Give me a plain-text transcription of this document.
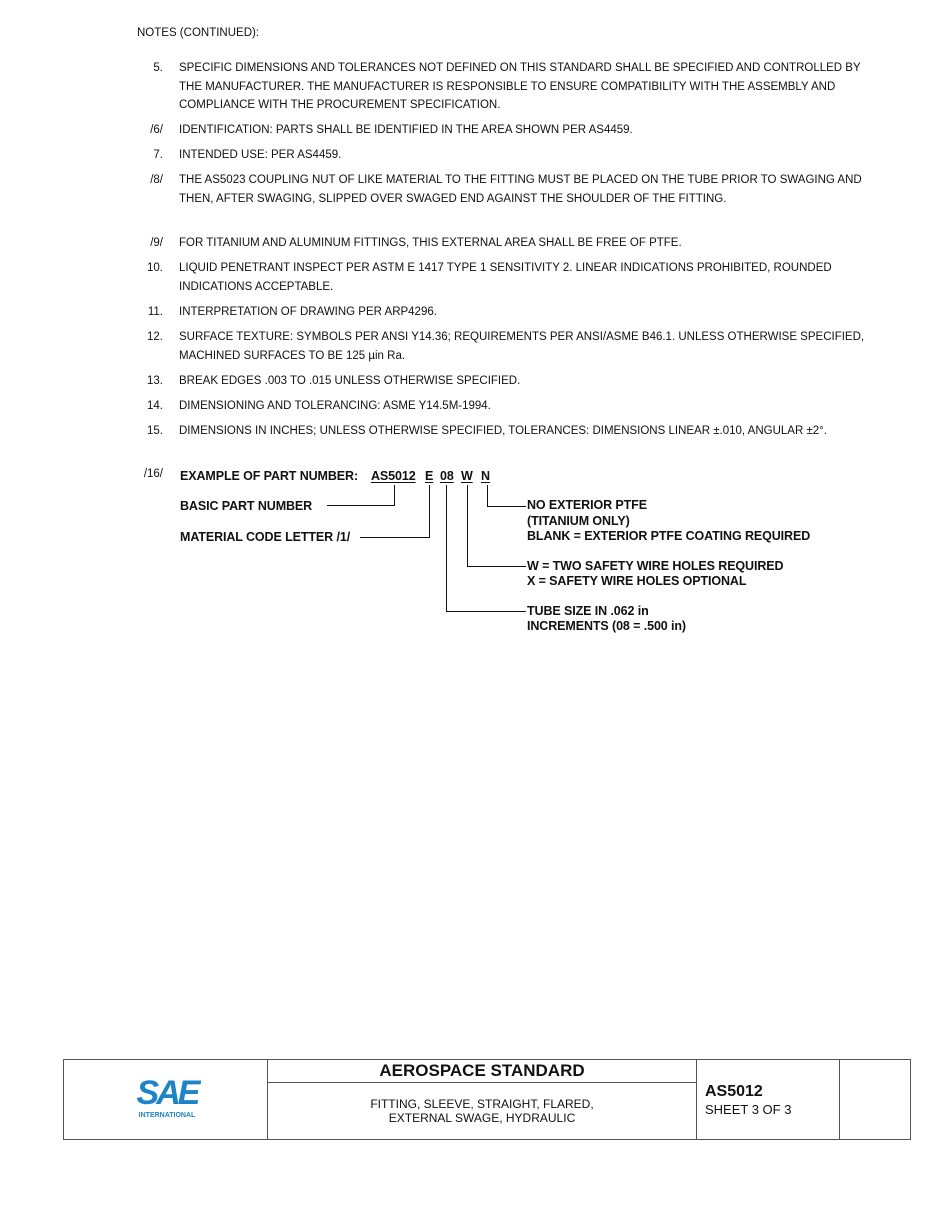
NOTES (CONTINUED):
5. SPECIFIC DIMENSIONS AND TOLERANCES NOT DEFINED ON THIS STANDARD SHALL BE SPECIFIED AND CONTROLLED BY THE MANUFACTURER. THE MANUFACTURER IS RESPONSIBLE TO ENSURE COMPATIBILITY WITH THE ASSEMBLY AND COMPLIANCE WITH THE PROCUREMENT SPECIFICATION.
/6/ IDENTIFICATION: PARTS SHALL BE IDENTIFIED IN THE AREA SHOWN PER AS4459.
7. INTENDED USE: PER AS4459.
/8/ THE AS5023 COUPLING NUT OF LIKE MATERIAL TO THE FITTING MUST BE PLACED ON THE TUBE PRIOR TO SWAGING AND THEN, AFTER SWAGING, SLIPPED OVER SWAGED END AGAINST THE SHOULDER OF THE FITTING.
/9/ FOR TITANIUM AND ALUMINUM FITTINGS, THIS EXTERNAL AREA SHALL BE FREE OF PTFE.
10. LIQUID PENETRANT INSPECT PER ASTM E 1417 TYPE 1 SENSITIVITY 2. LINEAR INDICATIONS PROHIBITED, ROUNDED INDICATIONS ACCEPTABLE.
11. INTERPRETATION OF DRAWING PER ARP4296.
12. SURFACE TEXTURE: SYMBOLS PER ANSI Y14.36; REQUIREMENTS PER ANSI/ASME B46.1. UNLESS OTHERWISE SPECIFIED, MACHINED SURFACES TO BE 125 µin Ra.
13. BREAK EDGES .003 TO .015 UNLESS OTHERWISE SPECIFIED.
14. DIMENSIONING AND TOLERANCING: ASME Y14.5M-1994.
15. DIMENSIONS IN INCHES; UNLESS OTHERWISE SPECIFIED, TOLERANCES: DIMENSIONS LINEAR ±.010, ANGULAR ±2°.
/16/ EXAMPLE OF PART NUMBER: AS5012 E 08 W N
BASIC PART NUMBER
MATERIAL CODE LETTER /1/
NO EXTERIOR PTFE
(TITANIUM ONLY)
BLANK = EXTERIOR PTFE COATING REQUIRED
W = TWO SAFETY WIRE HOLES REQUIRED
X = SAFETY WIRE HOLES OPTIONAL
TUBE SIZE IN .062 in
INCREMENTS (08 = .500 in)
SAE
INTERNATIONAL
AEROSPACE STANDARD
FITTING, SLEEVE, STRAIGHT, FLARED,
EXTERNAL SWAGE, HYDRAULIC
AS5012
SHEET 3 OF 3
